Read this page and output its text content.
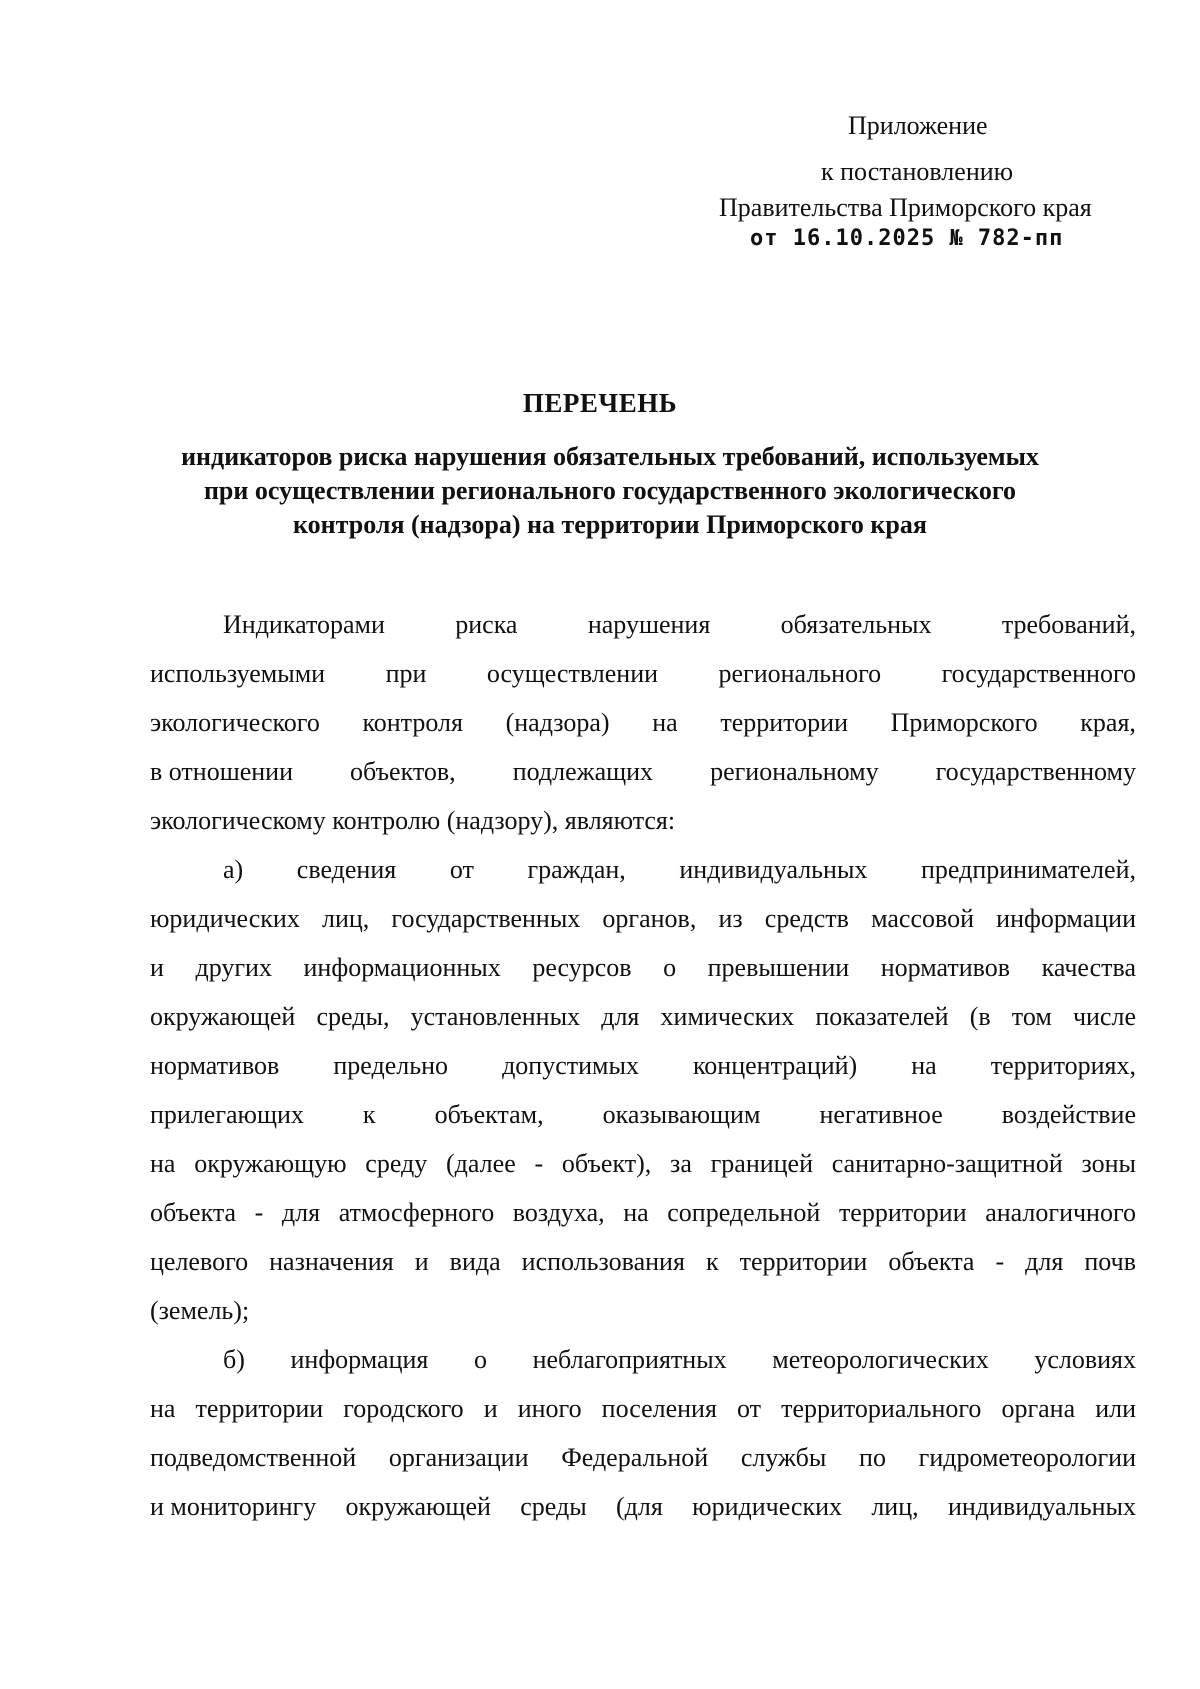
Приложение
к постановлению
Правительства Приморского края
от 16.10.2025 № 782-пп
ПЕРЕЧЕНЬ
индикаторов риска нарушения обязательных требований, используемых
при осуществлении регионального государственного экологического
контроля (надзора) на территории Приморского края
Индикаторами	риска	нарушения	обязательных	требований,
используемыми при осуществлении регионального государственного
экологического контроля (надзора) на территории Приморского края,
в отношении объектов, подлежащих региональному государственному
экологическому контролю (надзору), являются:
а) сведения от граждан, индивидуальных предпринимателей,
юридических лиц, государственных органов, из средств массовой информации
и других информационных ресурсов о превышении нормативов качества
окружающей среды, установленных для химических показателей (в том числе
нормативов предельно допустимых концентраций) на территориях,
прилегающих к объектам, оказывающим негативное воздействие
на окружающую среду (далее - объект), за границей санитарно-защитной зоны
объекта - для атмосферного воздуха, на сопредельной территории аналогичного
целевого назначения и вида использования к территории объекта - для почв
(земель);
б) информация о неблагоприятных метеорологических условиях
на территории городского и иного поселения от территориального органа или
подведомственной организации Федеральной службы по гидрометеорологии
и мониторингу окружающей среды (для юридических лиц, индивидуальных
